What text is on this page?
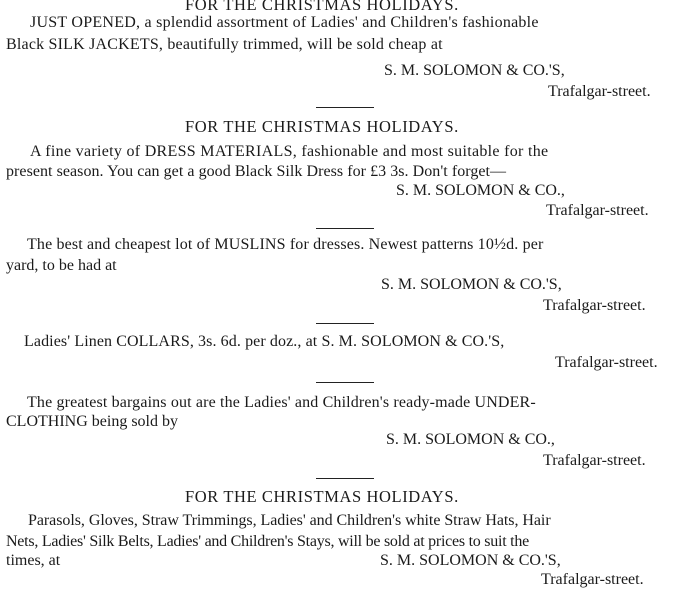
FOR THE CHRISTMAS HOLIDAYS.
JUST OPENED, a splendid assortment of Ladies' and Children's fashionable
Black SILK JACKETS, beautifully trimmed, will be sold cheap at
S. M. SOLOMON & CO.'S,
Trafalgar-street.
FOR THE CHRISTMAS HOLIDAYS.
A fine variety of DRESS MATERIALS, fashionable and most suitable for the
present season. You can get a good Black Silk Dress for £3 3s. Don't forget—
S. M. SOLOMON & CO.,
Trafalgar-street.
The best and cheapest lot of MUSLINS for dresses. Newest patterns 10½d. per
yard, to be had at
S. M. SOLOMON & CO.'S,
Trafalgar-street.
Ladies' Linen COLLARS, 3s. 6d. per doz., at S. M. SOLOMON & CO.'S,
Trafalgar-street.
The greatest bargains out are the Ladies' and Children's ready-made UNDER-
CLOTHING being sold by
S. M. SOLOMON & CO.,
Trafalgar-street.
FOR THE CHRISTMAS HOLIDAYS.
Parasols, Gloves, Straw Trimmings, Ladies' and Children's white Straw Hats, Hair
Nets, Ladies' Silk Belts, Ladies' and Children's Stays, will be sold at prices to suit the
times, at	S. M. SOLOMON & CO.'S,
Trafalgar-street.
